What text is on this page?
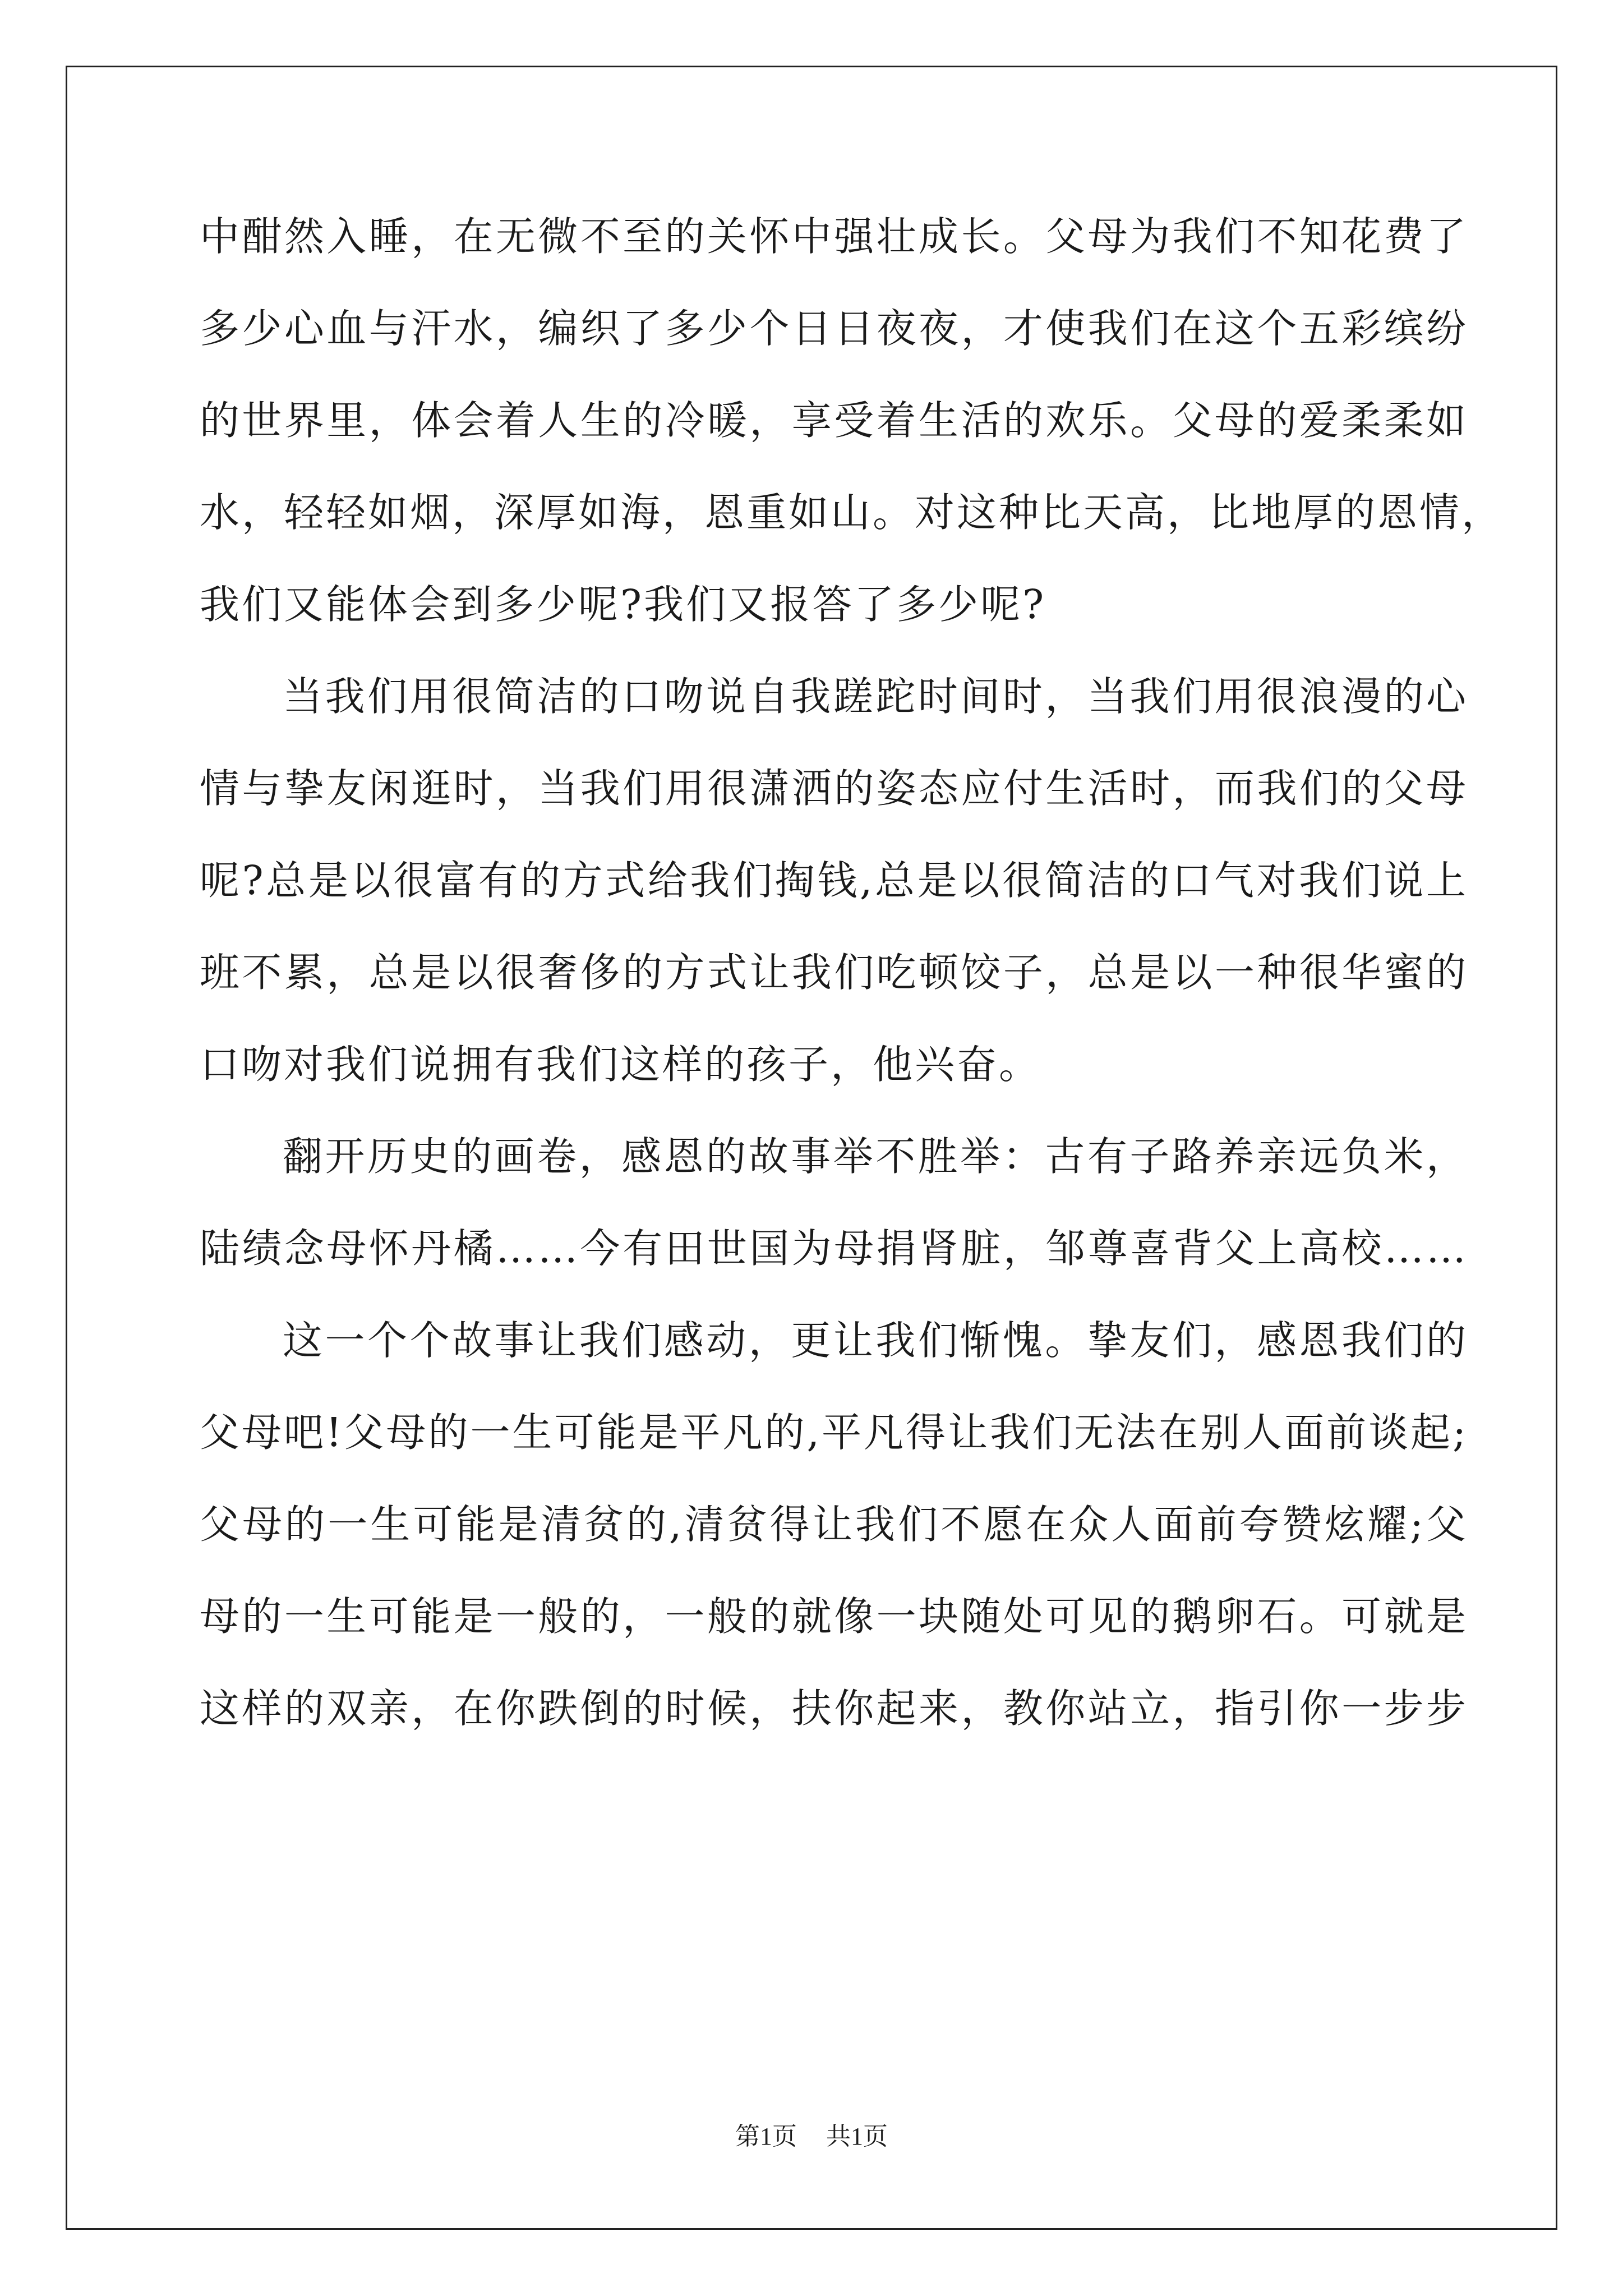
中酣然入睡，在无微不至的关怀中强壮成长。父母为我们不知花费了
多少心血与汗水，编织了多少个日日夜夜，才使我们在这个五彩缤纷
的世界里，体会着人生的冷暖，享受着生活的欢乐。父母的爱柔柔如
水，轻轻如烟，深厚如海，恩重如山。对这种比天高，比地厚的恩情，
我们又能体会到多少呢?我们又报答了多少呢?
当我们用很简洁的口吻说自我蹉跎时间时，当我们用很浪漫的心
情与挚友闲逛时，当我们用很潇洒的姿态应付生活时，而我们的父母
呢?总是以很富有的方式给我们掏钱,总是以很简洁的口气对我们说上
班不累，总是以很奢侈的方式让我们吃顿饺子，总是以一种很华蜜的
口吻对我们说拥有我们这样的孩子，他兴奋。
翻开历史的画卷，感恩的故事举不胜举：古有子路养亲远负米，
陆绩念母怀丹橘……今有田世国为母捐肾脏，邹尊喜背父上高校……
这一个个故事让我们感动，更让我们惭愧。挚友们，感恩我们的
父母吧!父母的一生可能是平凡的,平凡得让我们无法在别人面前谈起;
父母的一生可能是清贫的,清贫得让我们不愿在众人面前夸赞炫耀;父
母的一生可能是一般的，一般的就像一块随处可见的鹅卵石。可就是
这样的双亲，在你跌倒的时候，扶你起来，教你站立，指引你一步步
第1页 共1页
